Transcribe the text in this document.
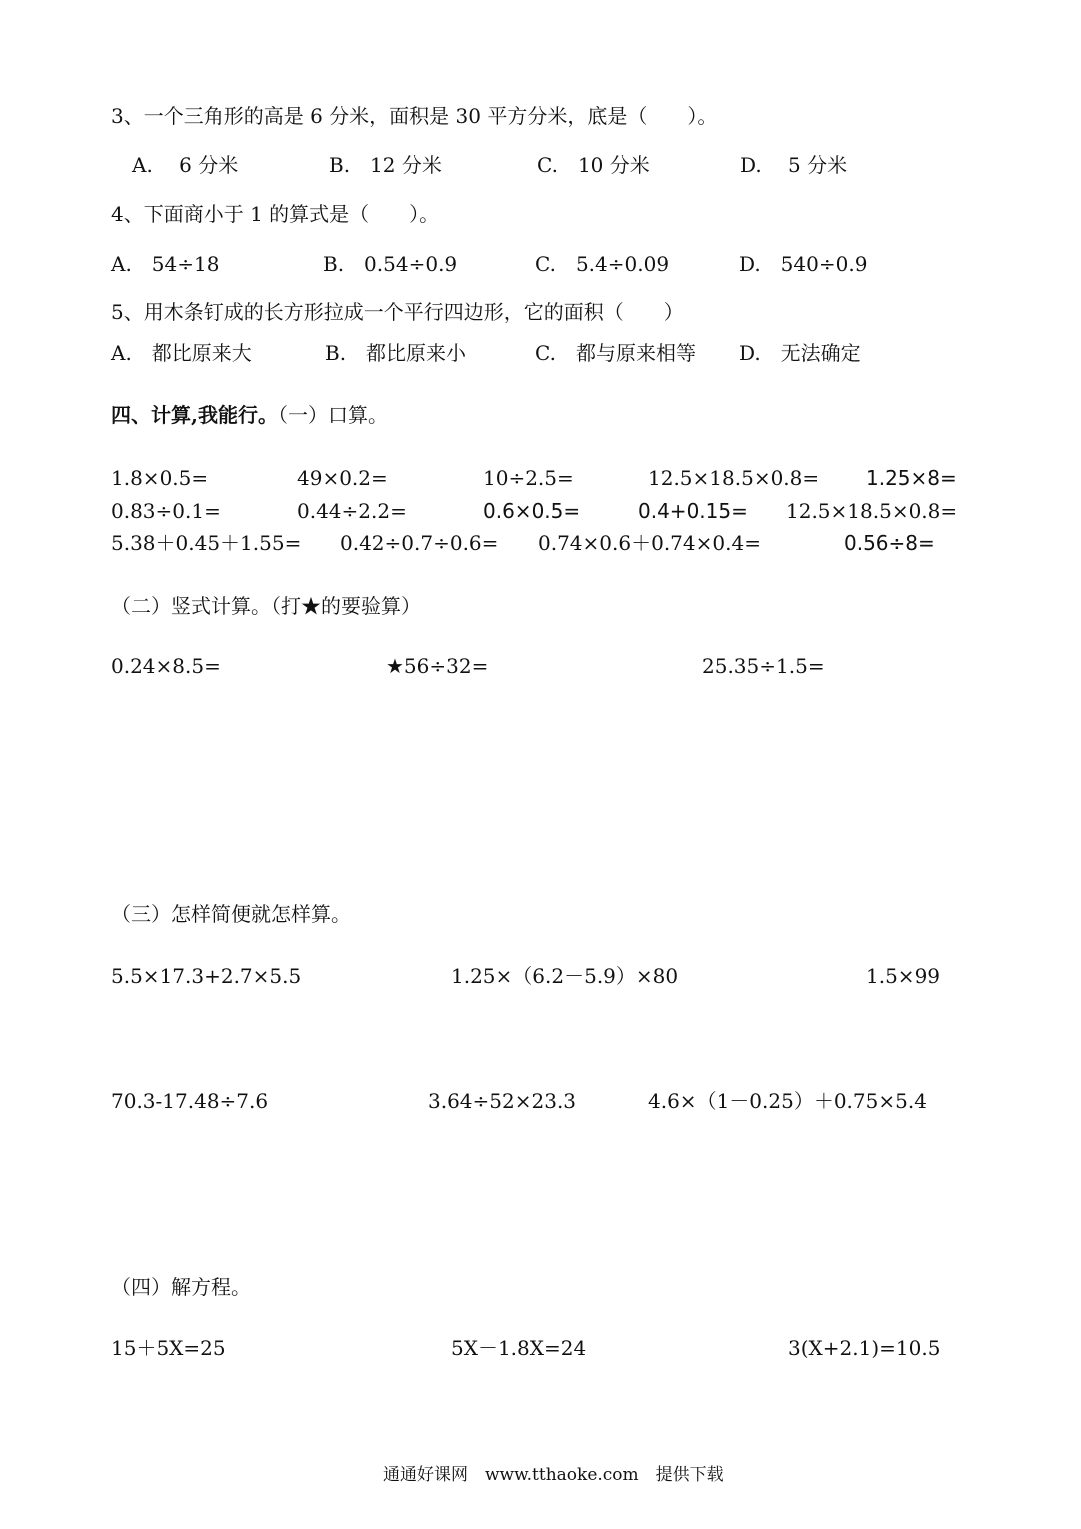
3、一个三角形的高是 6 分米，面积是 30 平方分米，底是（　　）。
A.　 6 分米	B.　12 分米	C.　10 分米	D.　 5 分米
4、下面商小于 1 的算式是（　　）。
A.　54÷18	B.　0.54÷0.9	C.　5.4÷0.09	D.　540÷0.9
5、用木条钉成的长方形拉成一个平行四边形，它的面积（　　）
A.　都比原来大	B.　都比原来小	C.　都与原来相等 D.　无法确定
四、计算,我能行。（一）口算。
1.8×0.5=	49×0.2=	10÷2.5=	12.5×18.5×0.8= 1.25×8=
0.83÷0.1=	0.44÷2.2=	0.6×0.5=	0.4+0.15= 12.5×18.5×0.8=
5.38＋0.45＋1.55= 0.42÷0.7÷0.6= 0.74×0.6＋0.74×0.4=	0.56÷8=
（二）竖式计算。（打★的要验算）
0.24×8.5=	★56÷32=	25.35÷1.5=
（三）怎样简便就怎样算。
5.5×17.3+2.7×5.5	1.25×（6.2－5.9）×80	1.5×99
70.3-17.48÷7.6	3.64÷52×23.3	4.6×（1－0.25）＋0.75×5.4
（四）解方程。
15＋5X=25	5X－1.8X=24	3(X+2.1)=10.5
通通好课网　www.tthaoke.com　提供下载
